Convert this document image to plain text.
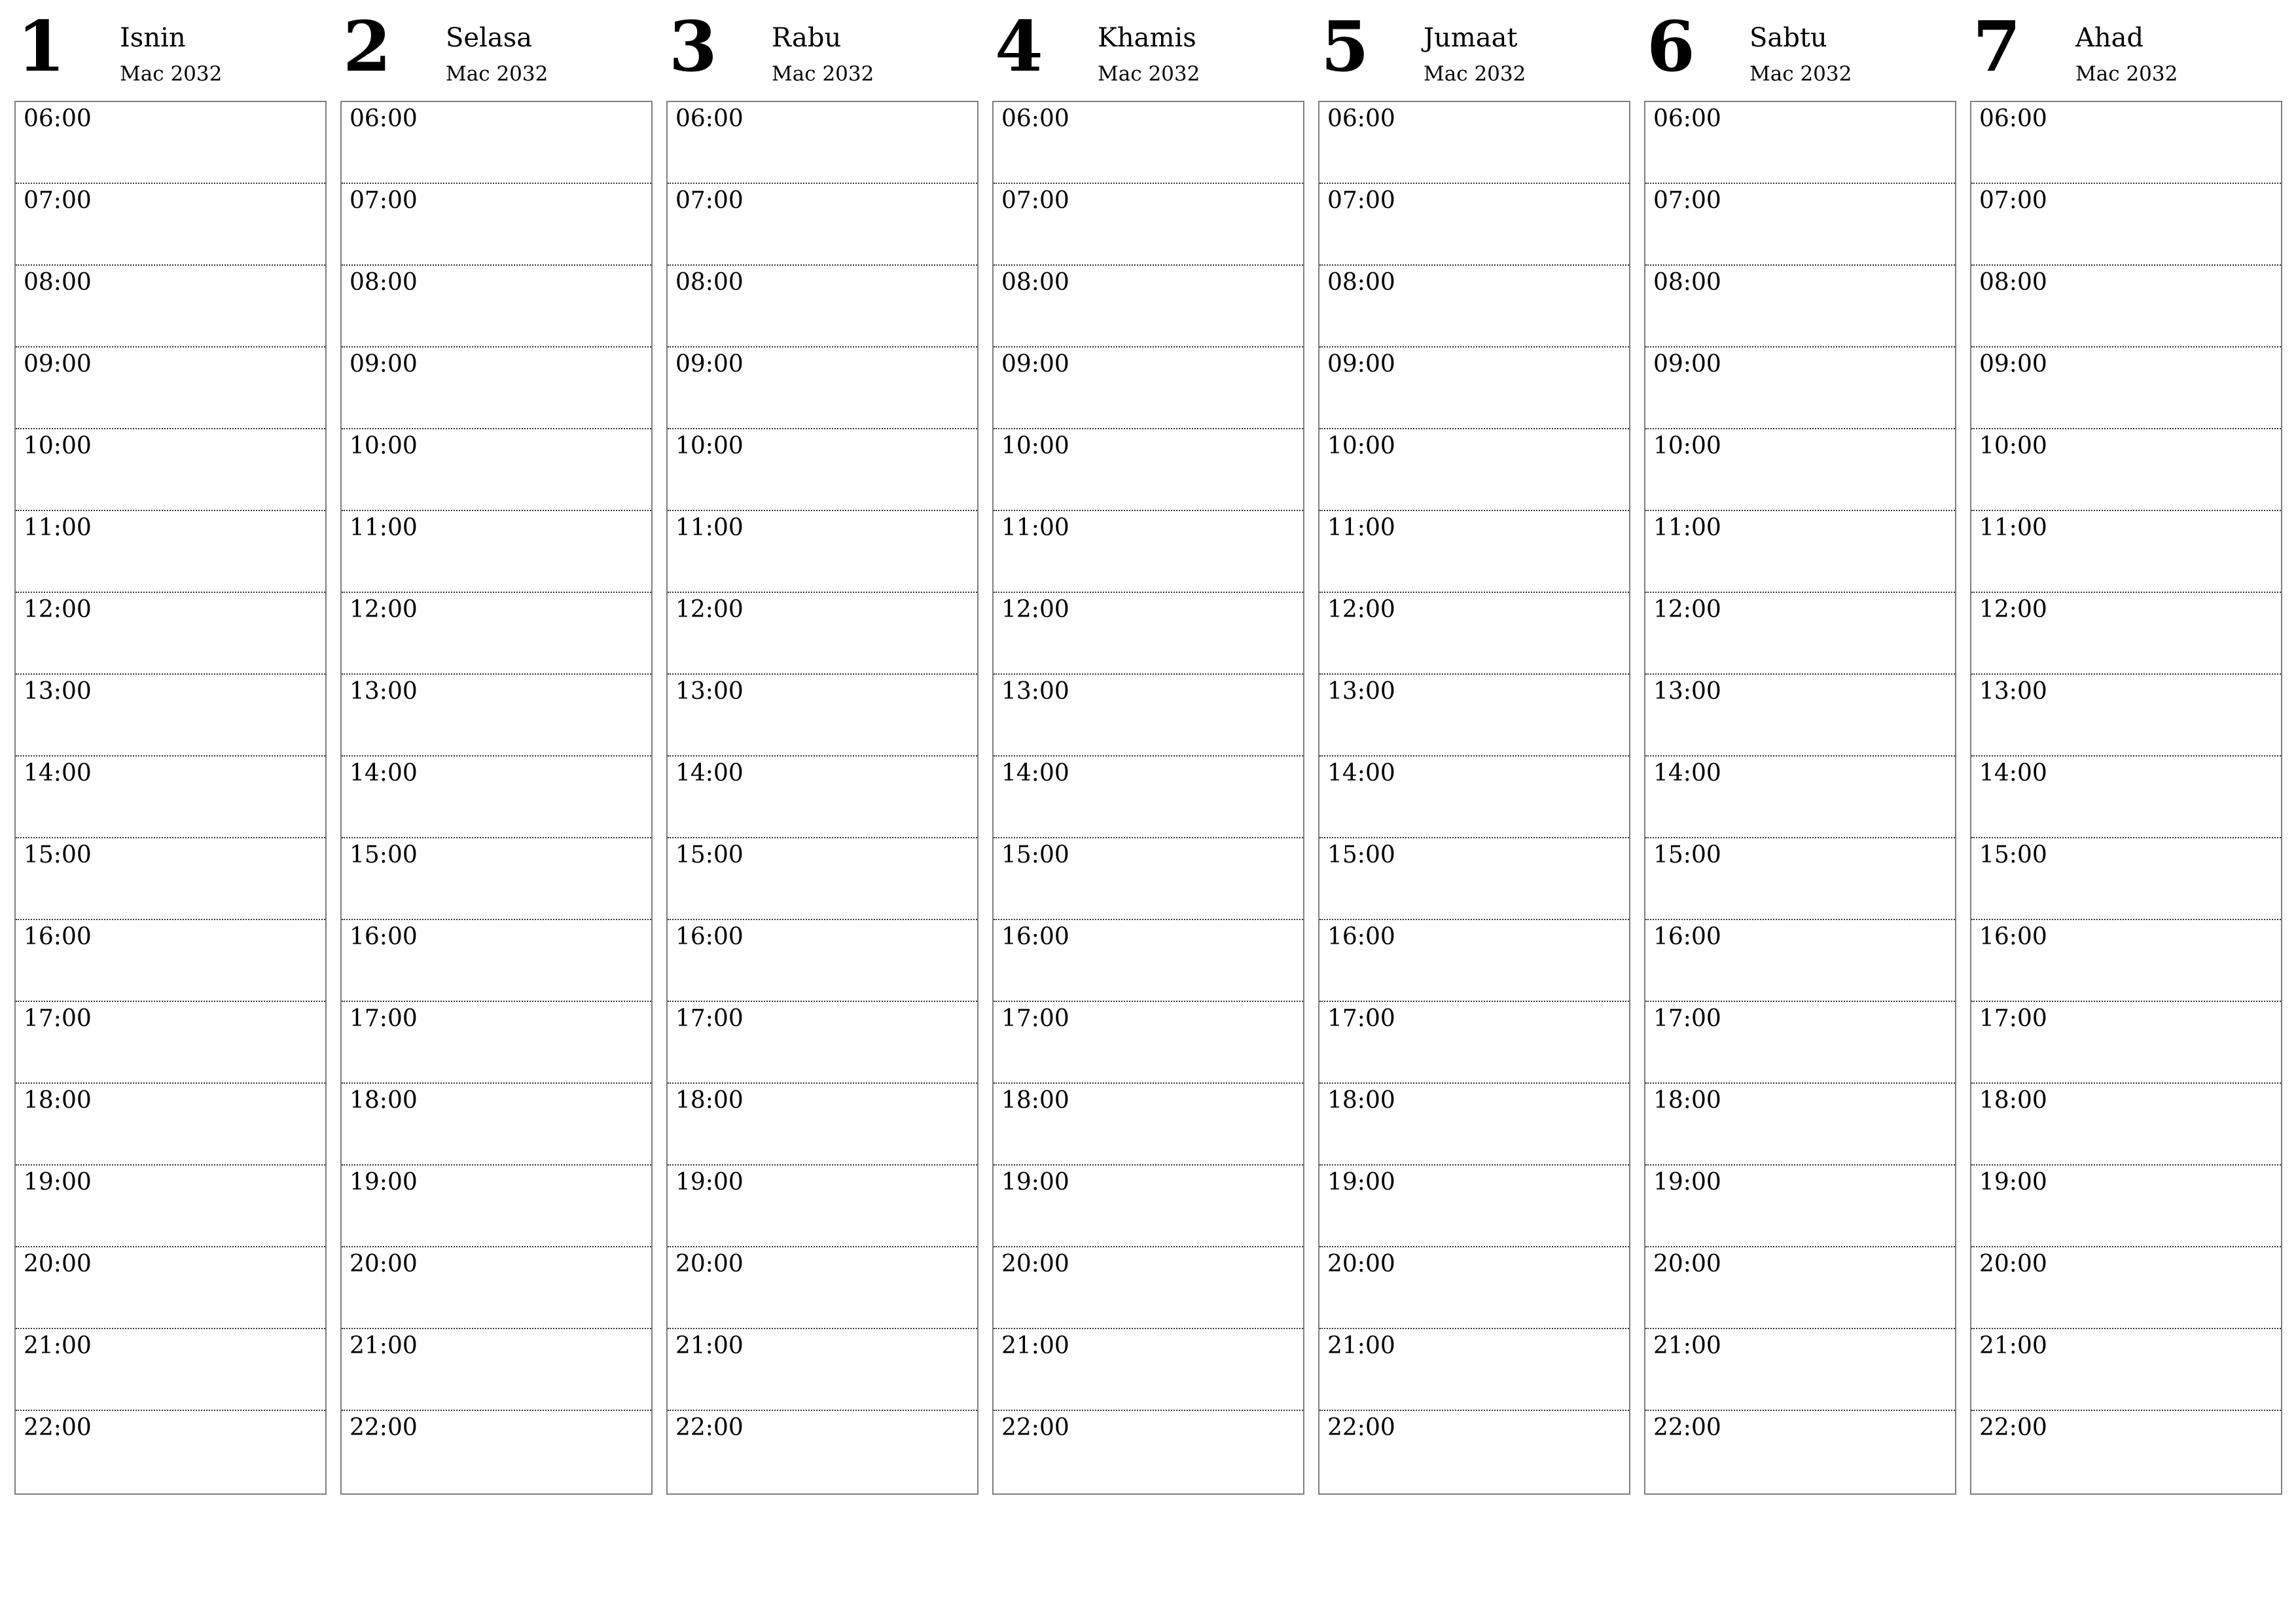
1 Isnin
Mac 2032
06:00
07:00
08:00
09:00
10:00
11:00
12:00
13:00
14:00
15:00
16:00
17:00
18:00
19:00
20:00
21:00
22:00
2 Selasa
Mac 2032
06:00
07:00
08:00
09:00
10:00
11:00
12:00
13:00
14:00
15:00
16:00
17:00
18:00
19:00
20:00
21:00
22:00
3 Rabu
Mac 2032
06:00
07:00
08:00
09:00
10:00
11:00
12:00
13:00
14:00
15:00
16:00
17:00
18:00
19:00
20:00
21:00
22:00
4 Khamis
Mac 2032
06:00
07:00
08:00
09:00
10:00
11:00
12:00
13:00
14:00
15:00
16:00
17:00
18:00
19:00
20:00
21:00
22:00
5 Jumaat
Mac 2032
06:00
07:00
08:00
09:00
10:00
11:00
12:00
13:00
14:00
15:00
16:00
17:00
18:00
19:00
20:00
21:00
22:00
6 Sabtu
Mac 2032
06:00
07:00
08:00
09:00
10:00
11:00
12:00
13:00
14:00
15:00
16:00
17:00
18:00
19:00
20:00
21:00
22:00
7 Ahad
Mac 2032
06:00
07:00
08:00
09:00
10:00
11:00
12:00
13:00
14:00
15:00
16:00
17:00
18:00
19:00
20:00
21:00
22:00
